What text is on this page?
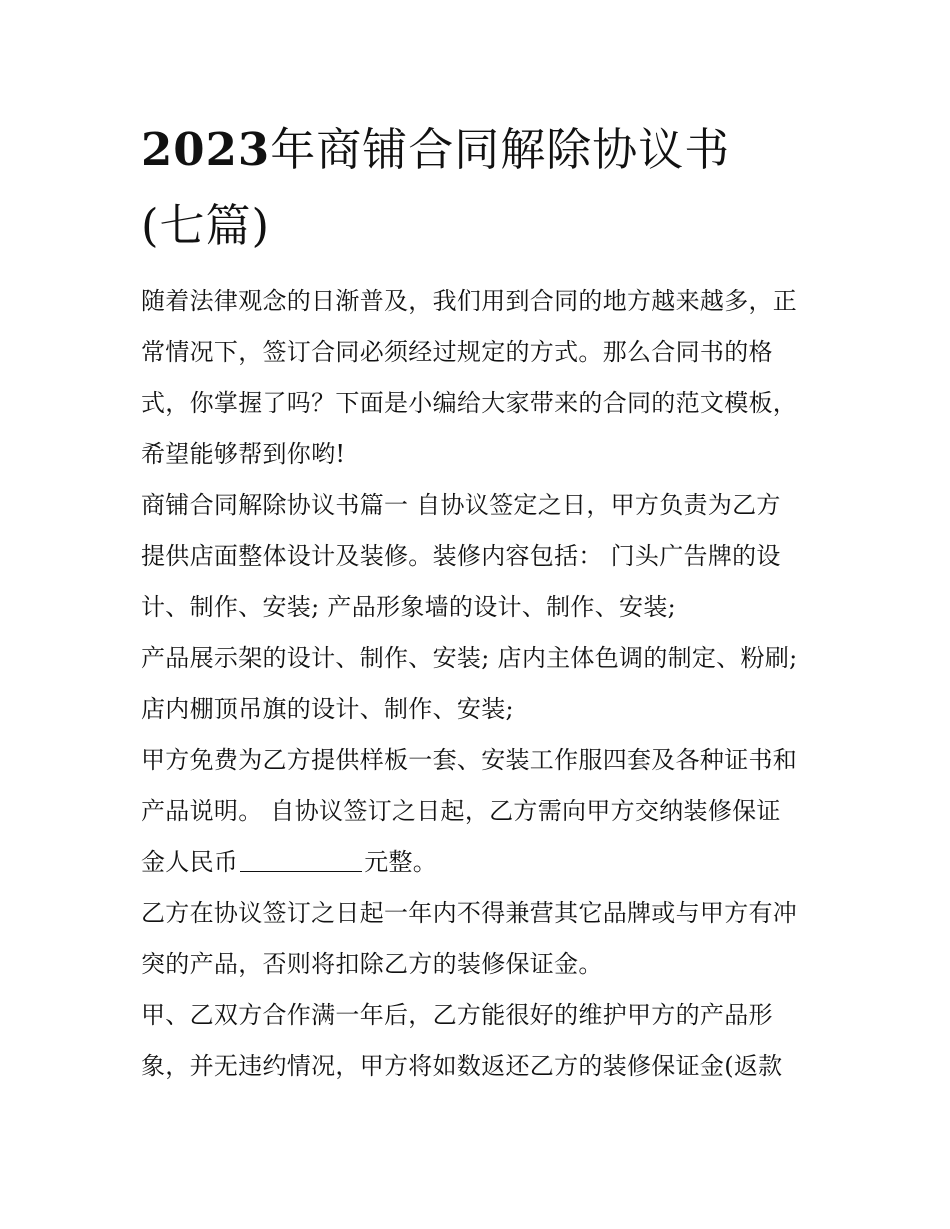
2023年商铺合同解除协议书
(七篇)

随着法律观念的日渐普及，我们用到合同的地方越来越多，正
常情况下，签订合同必须经过规定的方式。那么合同书的格
式，你掌握了吗？下面是小编给大家带来的合同的范文模板，
希望能够帮到你哟!

商铺合同解除协议书篇一 自协议签定之日，甲方负责为乙方
提供店面整体设计及装修。装修内容包括： 门头广告牌的设
计、制作、安装; 产品形象墙的设计、制作、安装;

产品展示架的设计、制作、安装; 店内主体色调的制定、粉刷;
店内棚顶吊旗的设计、制作、安装;

甲方免费为乙方提供样板一套、安装工作服四套及各种证书和
产品说明。 自协议签订之日起，乙方需向甲方交纳装修保证
金人民币	元整。

乙方在协议签订之日起一年内不得兼营其它品牌或与甲方有冲
突的产品，否则将扣除乙方的装修保证金。

甲、乙双方合作满一年后，乙方能很好的维护甲方的产品形
象，并无违约情况，甲方将如数返还乙方的装修保证金(返款
